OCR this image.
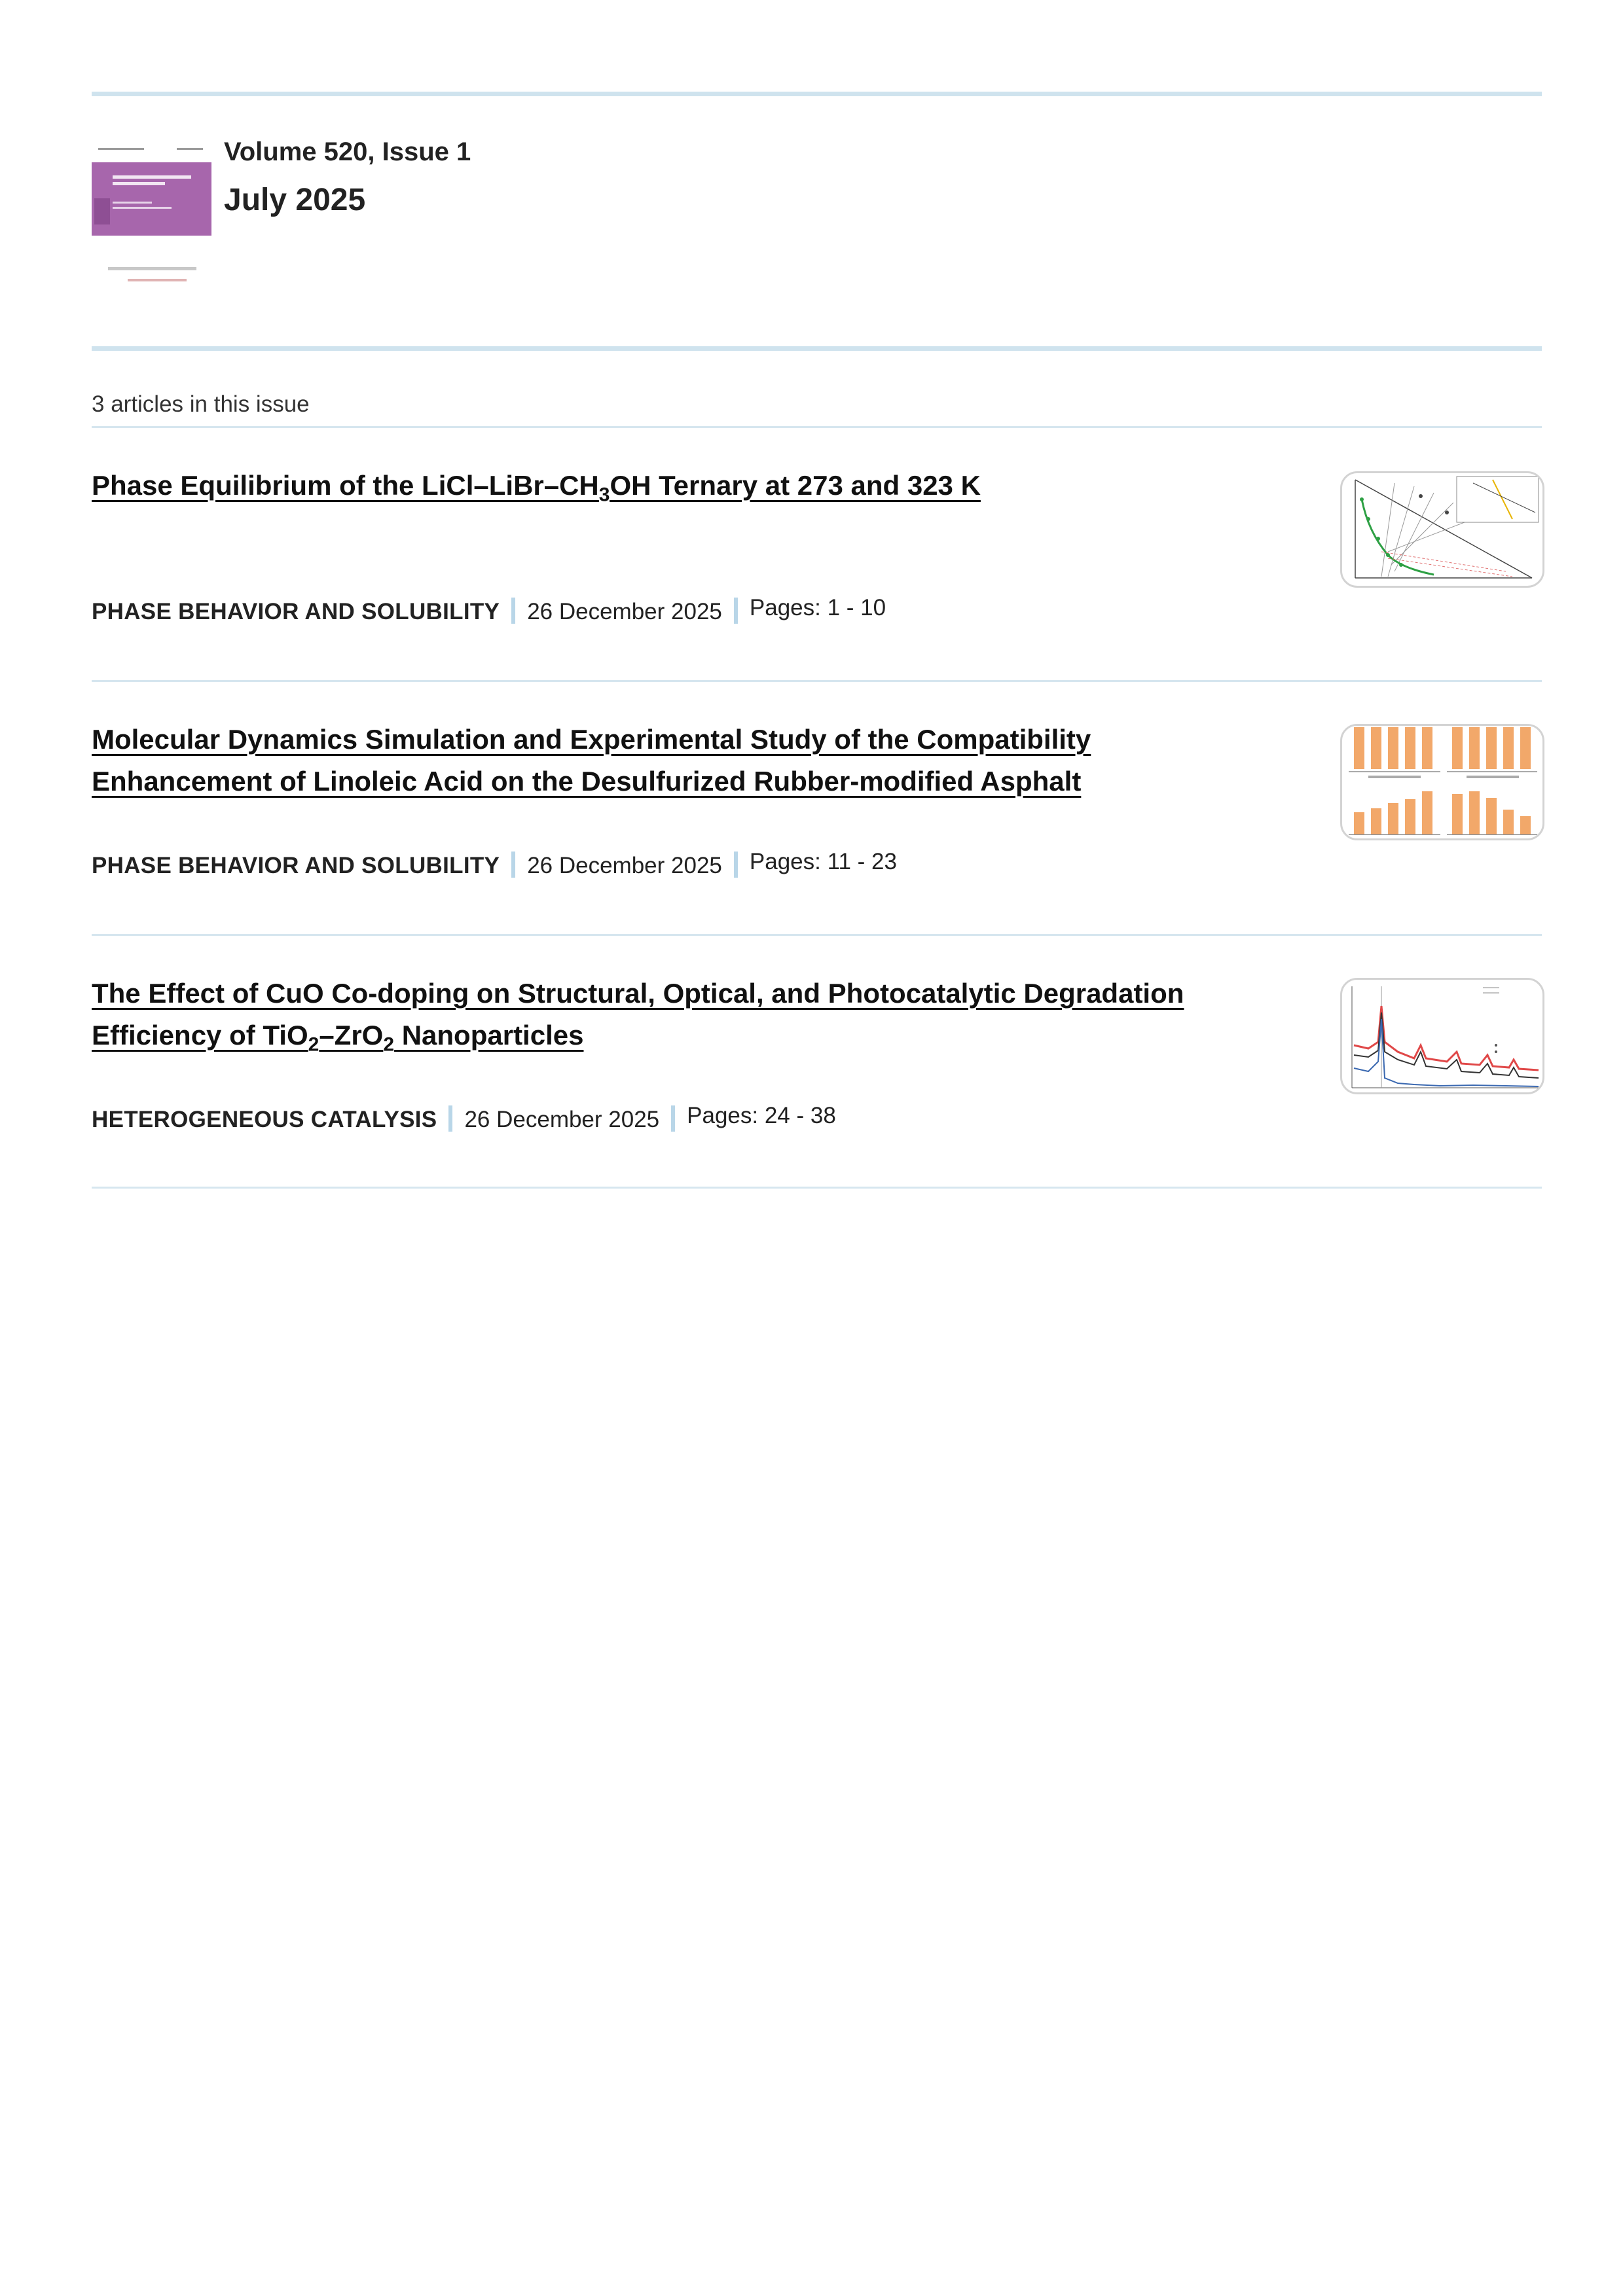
Volume 520, Issue 1
July 2025
3 articles in this issue
Phase Equilibrium of the LiCl–$LiBr-CH_3OH$ Ternary at 273 and 323 K
PHASE BEHAVIOR AND SOLUBILITY 26 December 2025 Pages: 1 - 10
Molecular Dynamics Simulation and Experimental Study of the Compatibility
Enhancement of Linoleic Acid on the Desulfurized Rubber-modified Asphalt
PHASE BEHAVIOR AND SOLUBILITY 26 December 2025 Pages: 11 - 23
The Effect of CuO Co-doping on Structural, Optical, and Photocatalytic Degradation
Efficiency of TiO$_2$–ZrO$_2$ Nanoparticles
HETEROGENEOUS CATALYSIS 26 December 2025 Pages: 24 - 38
